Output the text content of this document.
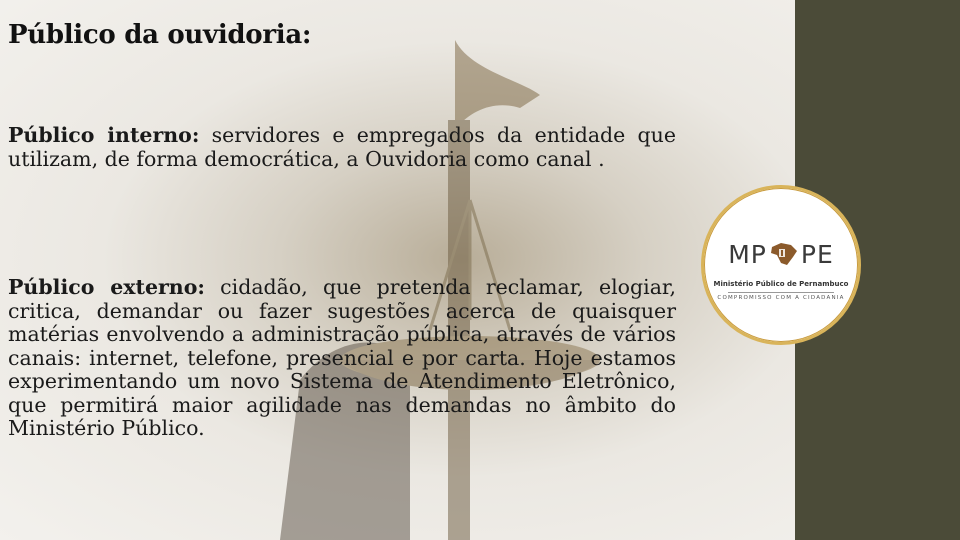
Público da ouvidoria:

Público interno: servidores e empregados da entidade que utilizam, de forma democrática, a Ouvidoria como canal .

Público externo: cidadão, que pretenda reclamar, elogiar, critica, demandar ou fazer sugestões acerca de quaisquer matérias envolvendo a administração pública, através de vários canais: internet, telefone, presencial e por carta. Hoje estamos experimentando um novo Sistema de Atendimento Eletrônico, que permitirá maior agilidade nas demandas no âmbito do Ministério Público.

MP PE
Ministério Público de Pernambuco
COMPROMISSO COM A CIDADANIA
